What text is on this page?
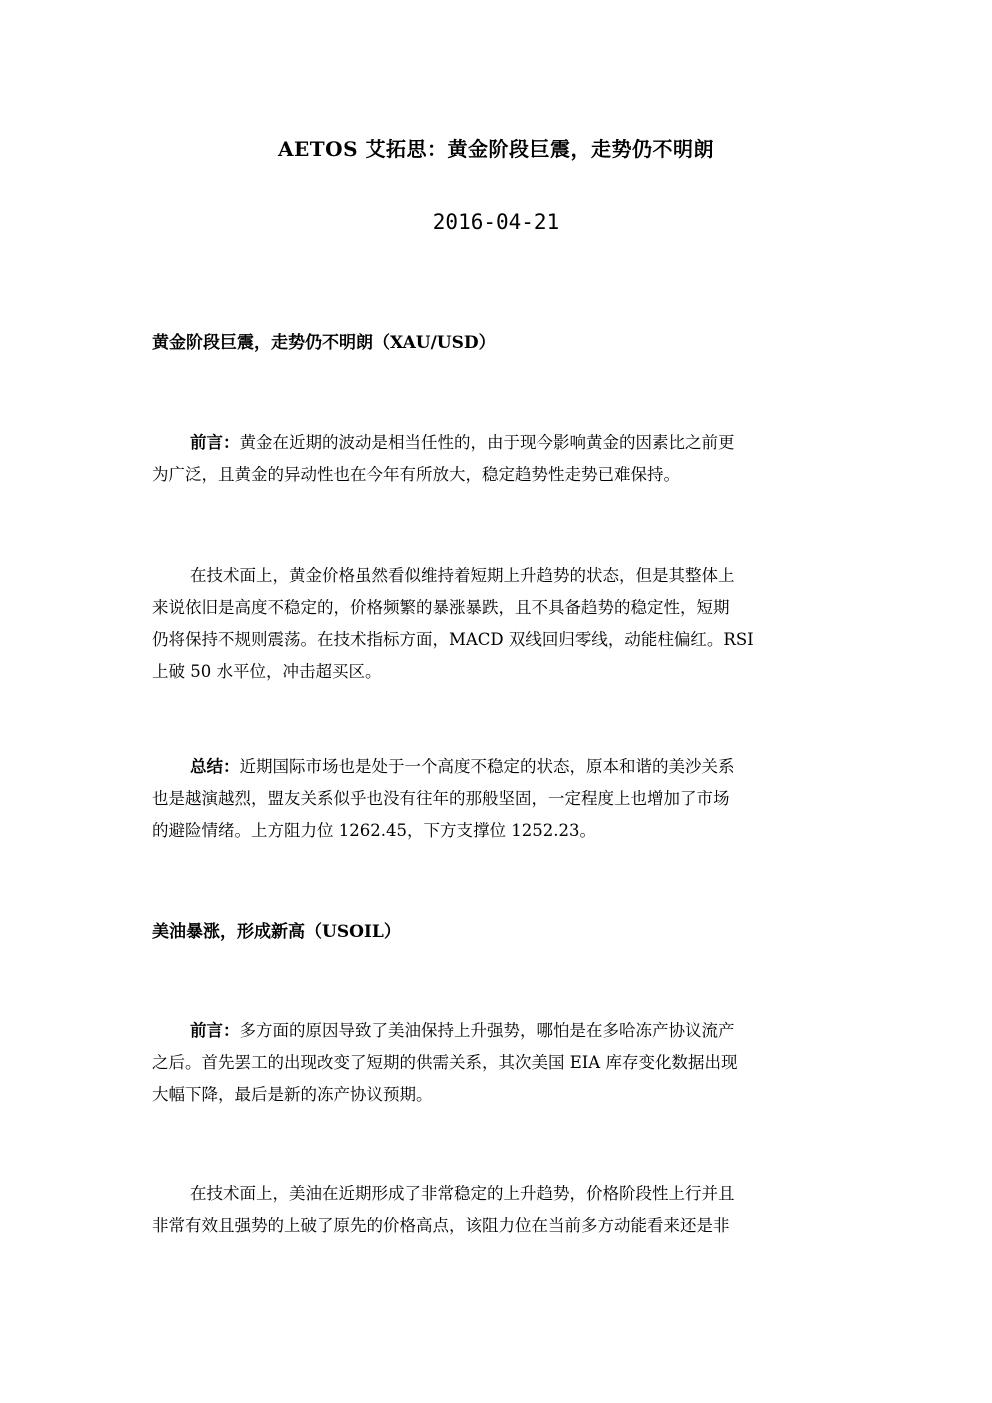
AETOS 艾拓思：黄金阶段巨震，走势仍不明朗
2016-04-21
黄金阶段巨震，走势仍不明朗（XAU/USD）
前言：黄金在近期的波动是相当任性的，由于现今影响黄金的因素比之前更
为广泛，且黄金的异动性也在今年有所放大，稳定趋势性走势已难保持。
在技术面上，黄金价格虽然看似维持着短期上升趋势的状态，但是其整体上
来说依旧是高度不稳定的，价格频繁的暴涨暴跌，且不具备趋势的稳定性，短期
仍将保持不规则震荡。在技术指标方面，MACD 双线回归零线，动能柱偏红。RSI
上破 50 水平位，冲击超买区。
总结：近期国际市场也是处于一个高度不稳定的状态，原本和谐的美沙关系
也是越演越烈，盟友关系似乎也没有往年的那般坚固，一定程度上也增加了市场
的避险情绪。上方阻力位 1262.45，下方支撑位 1252.23。
美油暴涨，形成新高（USOIL）
前言：多方面的原因导致了美油保持上升强势，哪怕是在多哈冻产协议流产
之后。首先罢工的出现改变了短期的供需关系，其次美国 EIA 库存变化数据出现
大幅下降，最后是新的冻产协议预期。
在技术面上，美油在近期形成了非常稳定的上升趋势，价格阶段性上行并且
非常有效且强势的上破了原先的价格高点，该阻力位在当前多方动能看来还是非
